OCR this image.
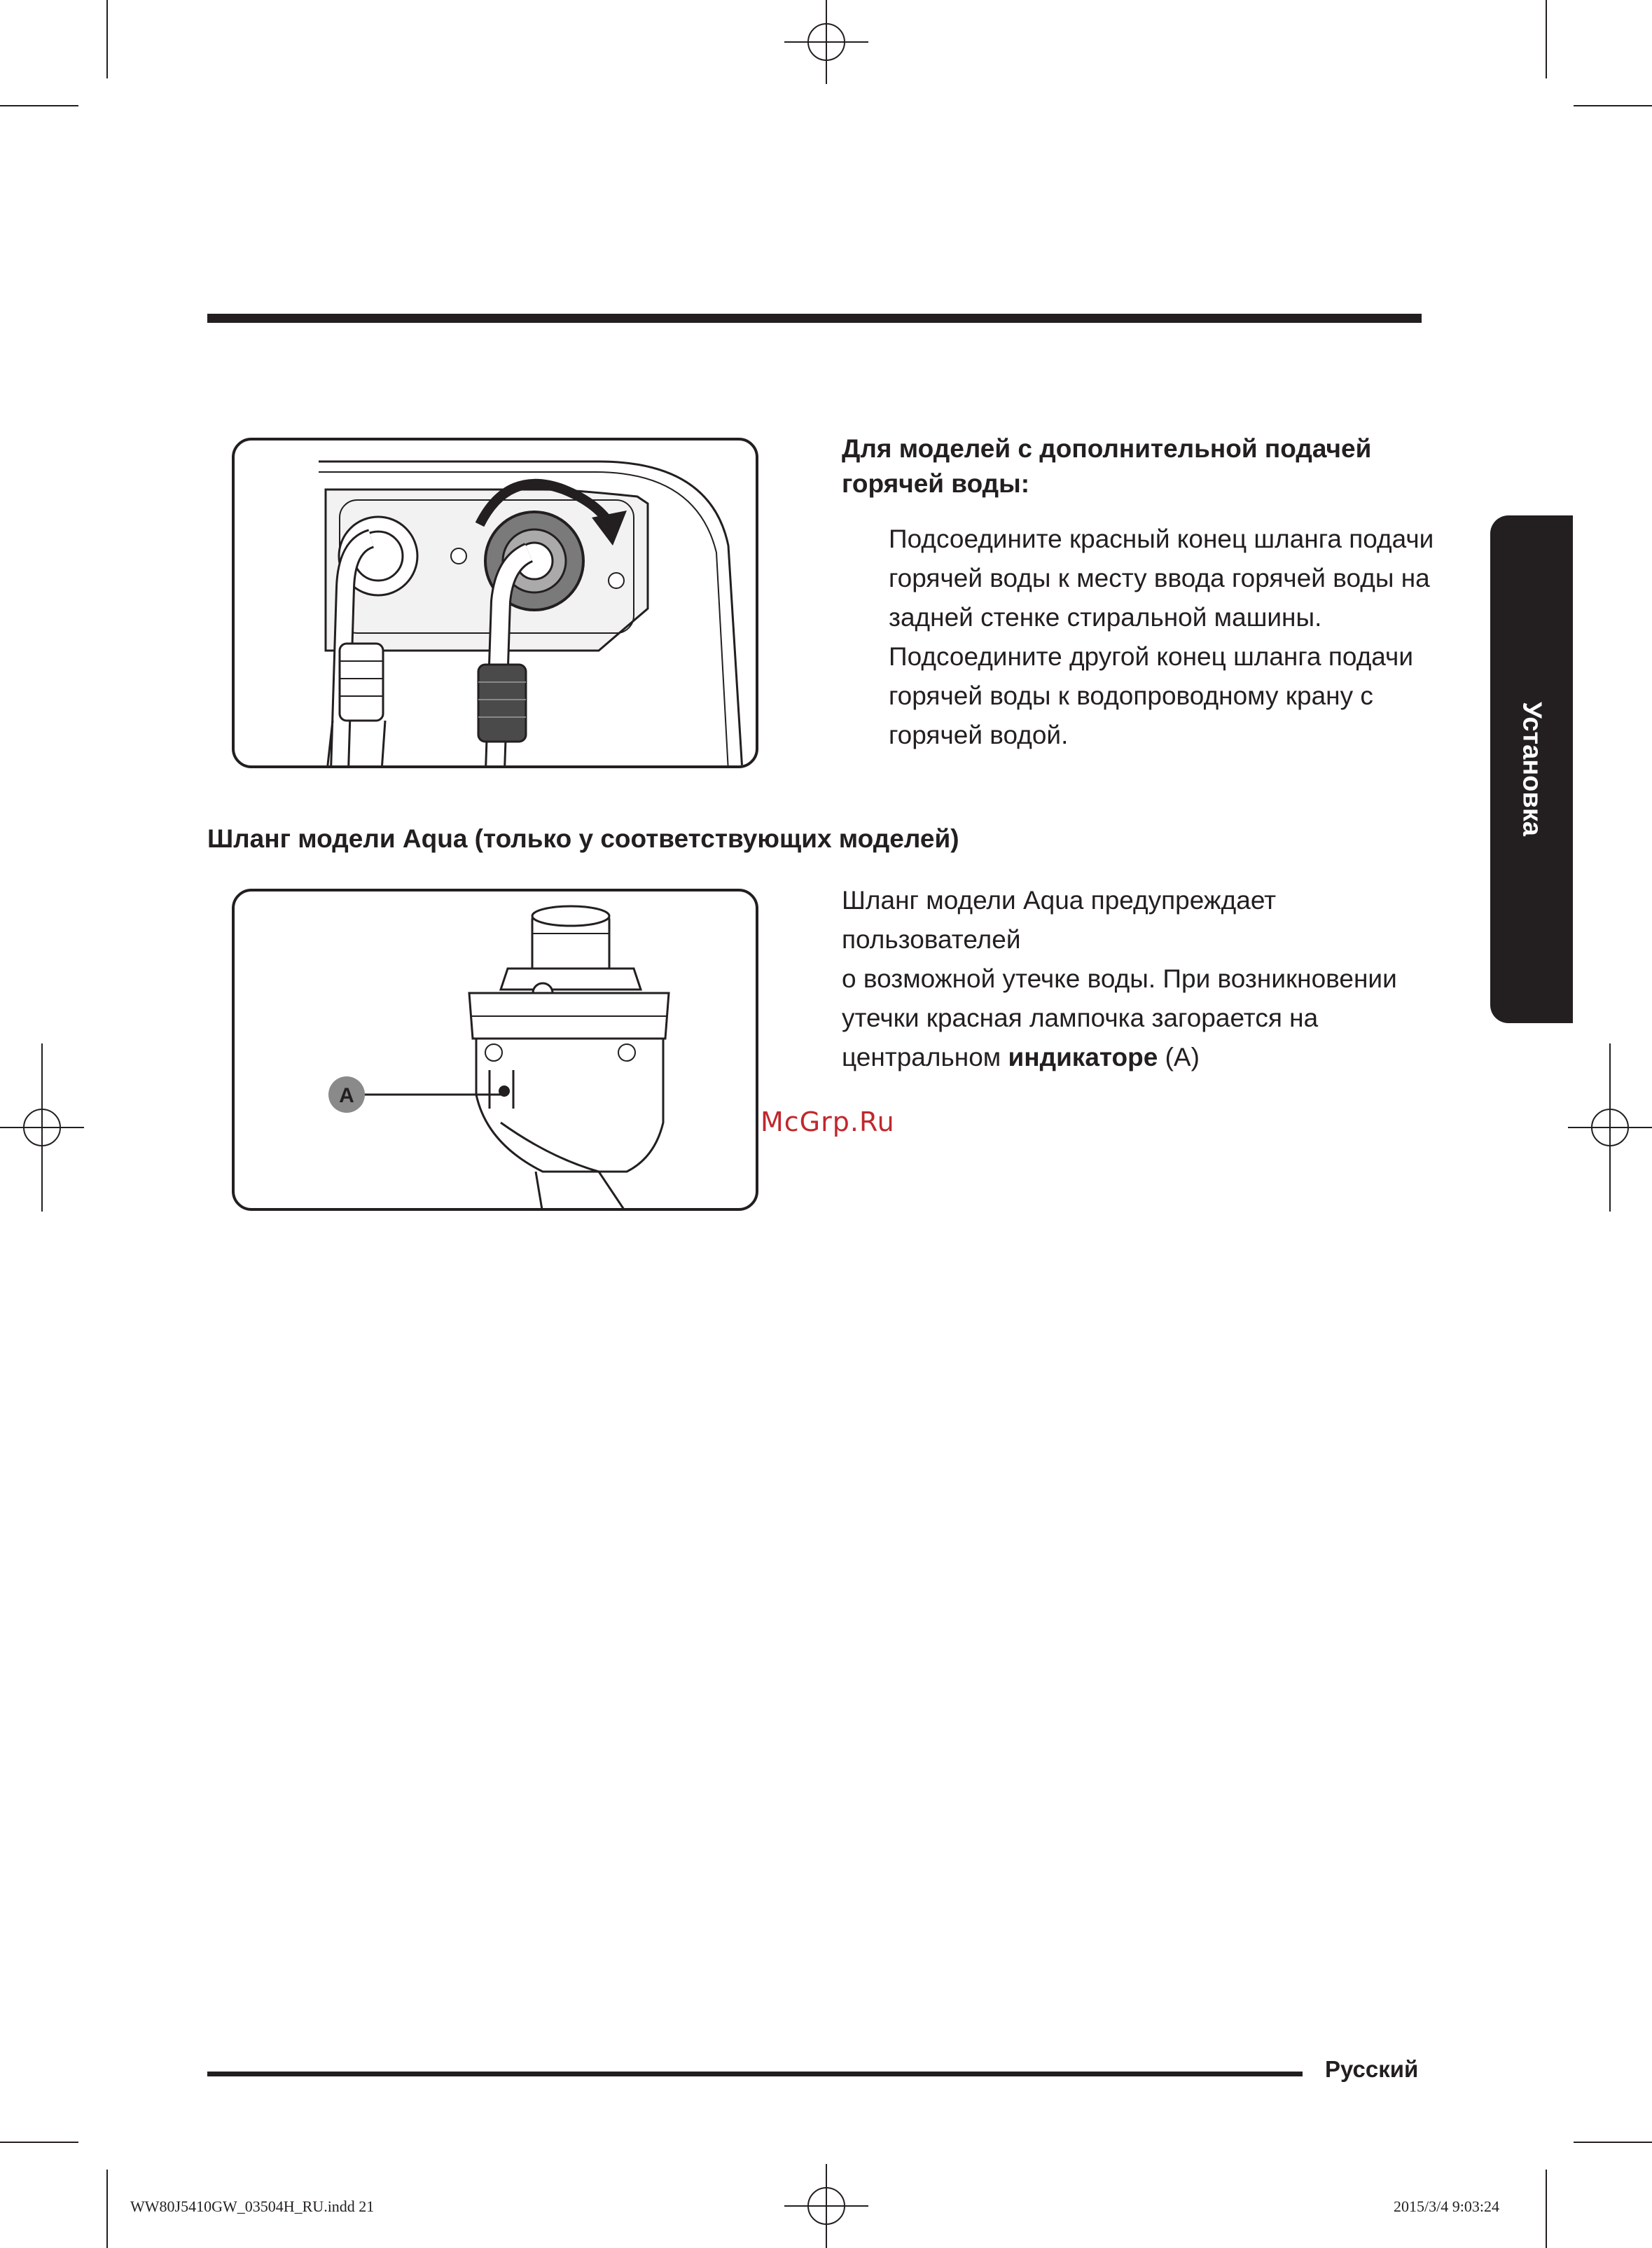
Для моделей с дополнительной подачей
горячей воды:
Подсоедините красный конец шланга подачи
горячей воды к месту ввода горячей воды на
задней стенке стиральной машины.
Подсоедините другой конец шланга подачи
горячей воды к водопроводному крану с
горячей водой.
Шланг модели Aqua (только у соответствующих моделей)
A
Шланг модели Aqua предупреждает пользователей
о возможной утечке воды. При возникновении
утечки красная лампочка загорается на
центральном индикаторе (A)
McGrp.Ru
Установка
Русский
WW80J5410GW_03504H_RU.indd 21	2015/3/4 9:03:24
